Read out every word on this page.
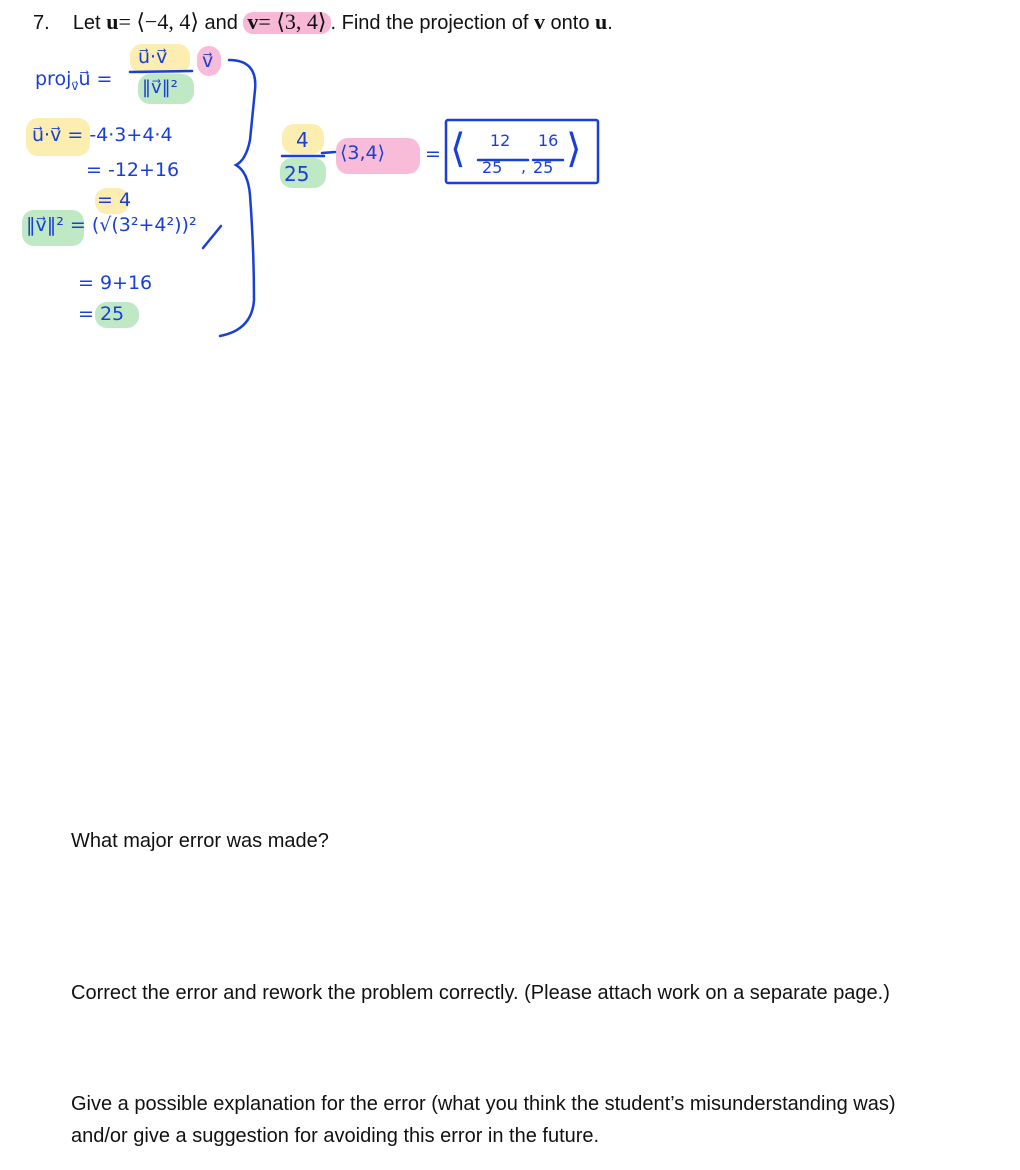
7. Let u= ⟨−4, 4⟩ and v= ⟨3, 4⟩ . Find the projection of v onto u.
proj$_{v⃗}$u⃗ =
u⃗·v⃗
‖v⃗‖²
v⃗
u⃗·v⃗ = -4·3+4·4
= -12+16
= 4
‖v⃗‖² = (√(3²+4²))²
= 9+16
= 25
4
25
⟨3,4⟩ = ⟨ 12
25 ,
16
25 ⟩
What major error was made?
Correct the error and rework the problem correctly. (Please attach work on a separate page.)
Give a possible explanation for the error (what you think the student’s misunderstanding was)
and/or give a suggestion for avoiding this error in the future.
